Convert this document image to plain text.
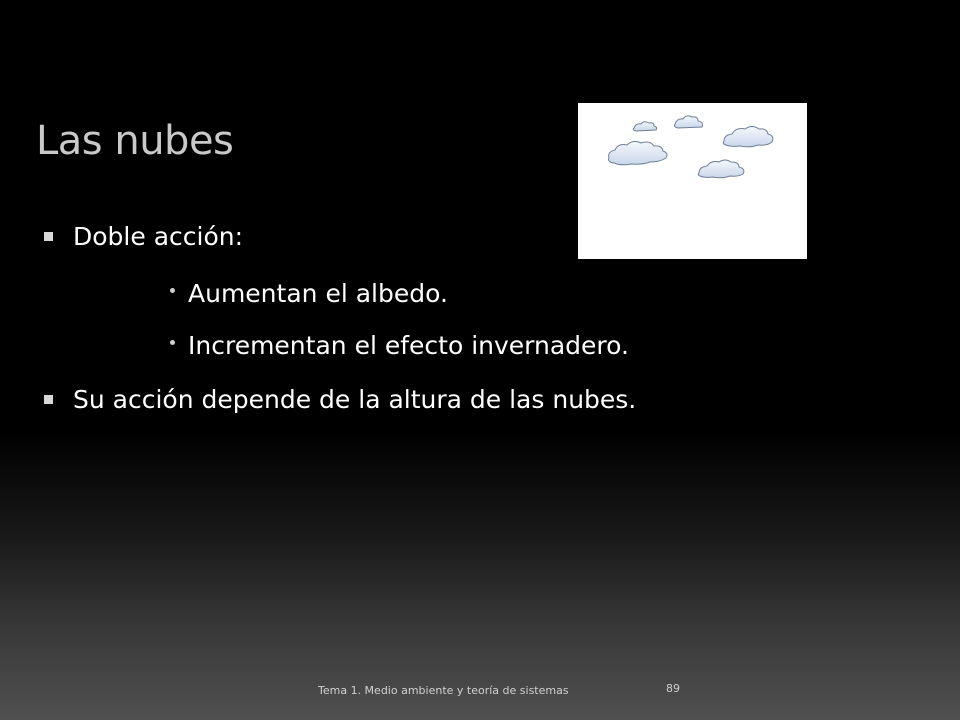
Las nubes
Doble acción:
Aumentan el albedo.
Incrementan el efecto invernadero.
Su acción depende de la altura de las nubes.
Tema 1. Medio ambiente y teoría de sistemas	89
